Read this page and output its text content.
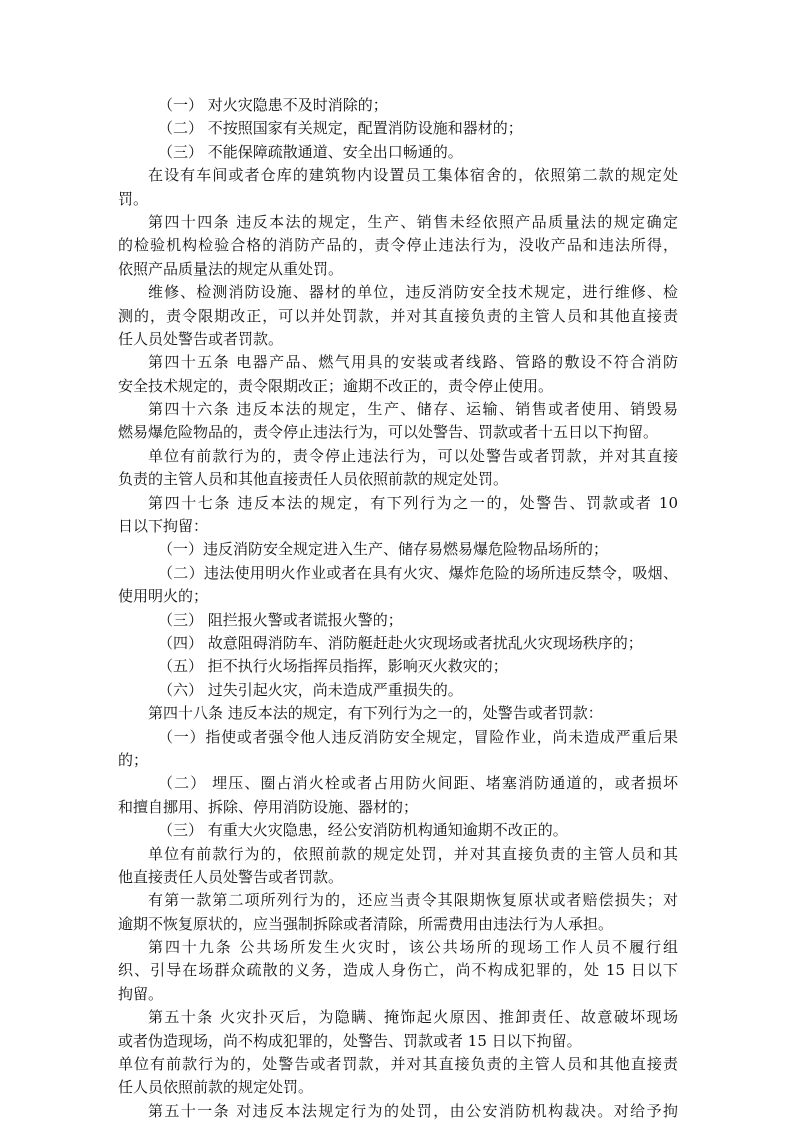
（一） 对火灾隐患不及时消除的；
（二） 不按照国家有关规定，配置消防设施和器材的；
（三） 不能保障疏散通道、安全出口畅通的。
在设有车间或者仓库的建筑物内设置员工集体宿舍的，依照第二款的规定处
罚。
第四十四条 违反本法的规定，生产、销售未经依照产品质量法的规定确定
的检验机构检验合格的消防产品的，责令停止违法行为，没收产品和违法所得，
依照产品质量法的规定从重处罚。
维修、检测消防设施、器材的单位，违反消防安全技术规定，进行维修、检
测的，责令限期改正，可以并处罚款，并对其直接负责的主管人员和其他直接责
任人员处警告或者罚款。
第四十五条 电器产品、燃气用具的安装或者线路、管路的敷设不符合消防
安全技术规定的，责令限期改正；逾期不改正的，责令停止使用。
第四十六条 违反本法的规定，生产、储存、运输、销售或者使用、销毁易
燃易爆危险物品的，责令停止违法行为，可以处警告、罚款或者十五日以下拘留。
单位有前款行为的，责令停止违法行为，可以处警告或者罚款，并对其直接
负责的主管人员和其他直接责任人员依照前款的规定处罚。
第四十七条 违反本法的规定，有下列行为之一的，处警告、罚款或者 10
日以下拘留：
（一）违反消防安全规定进入生产、储存易燃易爆危险物品场所的；
（二）违法使用明火作业或者在具有火灾、爆炸危险的场所违反禁令，吸烟、
使用明火的；
（三） 阻拦报火警或者谎报火警的；
（四） 故意阻碍消防车、消防艇赶赴火灾现场或者扰乱火灾现场秩序的；
（五） 拒不执行火场指挥员指挥，影响灭火救灾的；
（六） 过失引起火灾，尚未造成严重损失的。
第四十八条 违反本法的规定，有下列行为之一的，处警告或者罚款：
（一）指使或者强令他人违反消防安全规定，冒险作业，尚未造成严重后果
的；
（二） 埋压、圈占消火栓或者占用防火间距、堵塞消防通道的，或者损坏
和擅自挪用、拆除、停用消防设施、器材的；
（三） 有重大火灾隐患，经公安消防机构通知逾期不改正的。
单位有前款行为的，依照前款的规定处罚，并对其直接负责的主管人员和其
他直接责任人员处警告或者罚款。
有第一款第二项所列行为的，还应当责令其限期恢复原状或者赔偿损失；对
逾期不恢复原状的，应当强制拆除或者清除，所需费用由违法行为人承担。
第四十九条 公共场所发生火灾时，该公共场所的现场工作人员不履行组
织、引导在场群众疏散的义务，造成人身伤亡，尚不构成犯罪的，处 15 日以下
拘留。
第五十条 火灾扑灭后，为隐瞒、掩饰起火原因、推卸责任、故意破坏现场
或者伪造现场，尚不构成犯罪的，处警告、罚款或者 15 日以下拘留。
单位有前款行为的，处警告或者罚款，并对其直接负责的主管人员和其他直接责
任人员依照前款的规定处罚。
第五十一条 对违反本法规定行为的处罚，由公安消防机构裁决。对给予拘
